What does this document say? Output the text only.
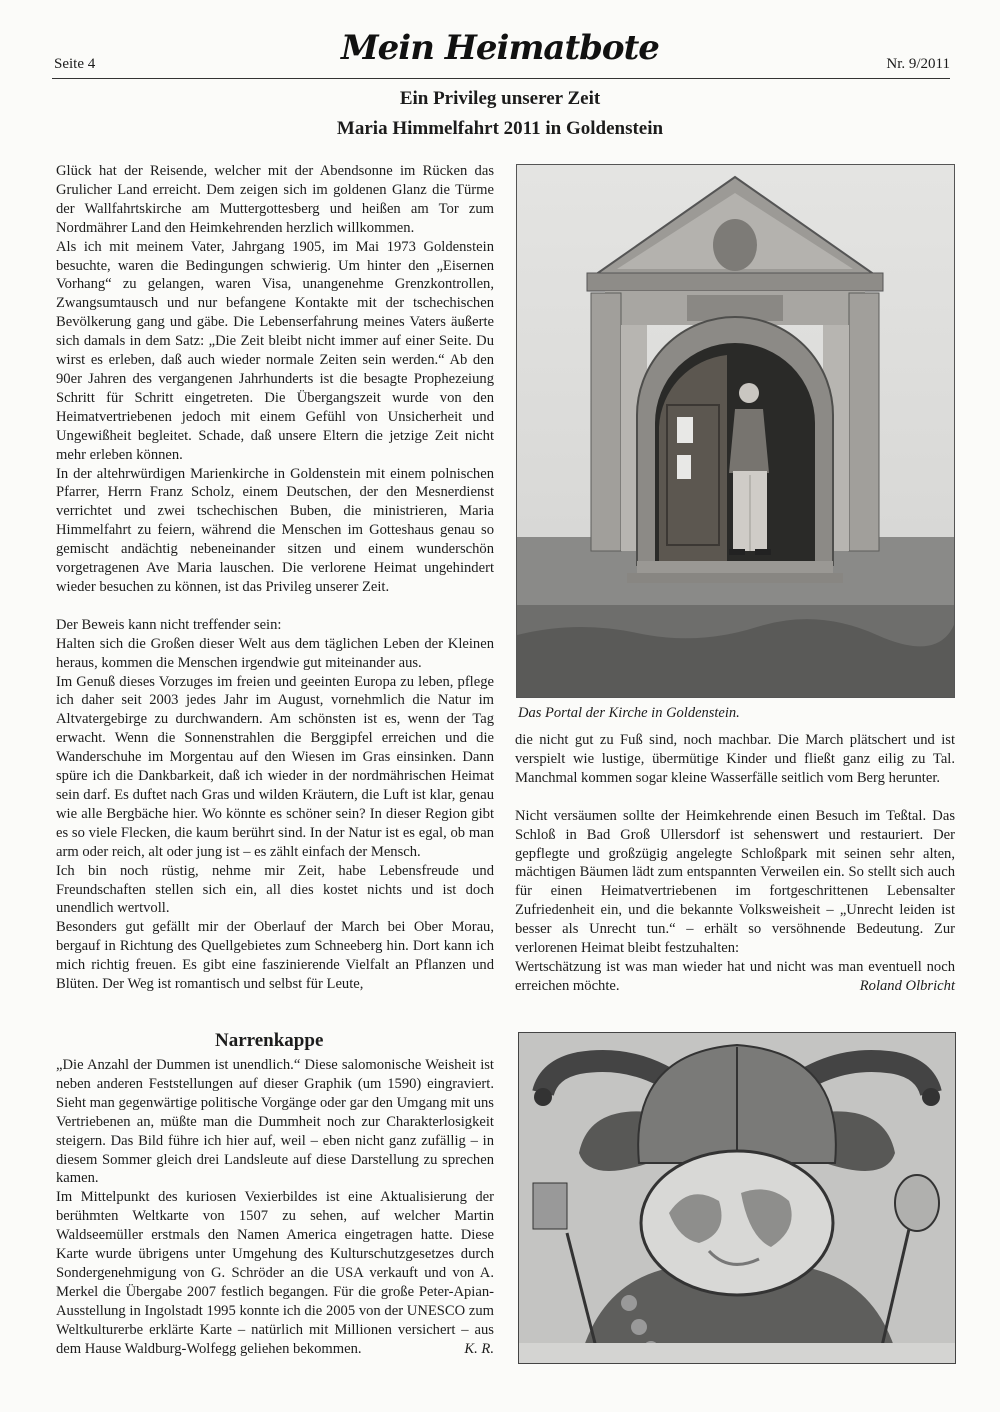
Seite 4	Mein Heimatbote	Nr. 9/2011
Ein Privileg unserer Zeit
Maria Himmelfahrt 2011 in Goldenstein

Glück hat der Reisende, welcher mit der Abendsonne im Rücken das Grulicher Land erreicht. Dem zeigen sich im goldenen Glanz die Türme der Wallfahrtskirche am Muttergottesberg und heißen am Tor zum Nordmährer Land den Heimkehrenden herzlich willkommen.

Als ich mit meinem Vater, Jahrgang 1905, im Mai 1973 Goldenstein besuchte, waren die Bedingungen schwierig. Um hinter den „Eisernen Vorhang“ zu gelangen, waren Visa, unangenehme Grenzkontrollen, Zwangsumtausch und nur befangene Kontakte mit der tschechischen Bevölkerung gang und gäbe. Die Lebenserfahrung meines Vaters äußerte sich damals in dem Satz: „Die Zeit bleibt nicht immer auf einer Seite. Du wirst es erleben, daß auch wieder normale Zeiten sein werden.“ Ab den 90er Jahren des vergangenen Jahrhunderts ist die besagte Prophezeiung Schritt für Schritt eingetreten. Die Übergangszeit wurde von den Heimatvertriebenen jedoch mit einem Gefühl von Unsicherheit und Ungewißheit begleitet. Schade, daß unsere Eltern die jetzige Zeit nicht mehr erleben können.

In der altehrwürdigen Marienkirche in Goldenstein mit einem polnischen Pfarrer, Herrn Franz Scholz, einem Deutschen, der den Mesnerdienst verrichtet und zwei tschechischen Buben, die ministrieren, Maria Himmelfahrt zu feiern, während die Menschen im Gotteshaus genau so gemischt andächtig nebeneinander sitzen und einem wunderschön vorgetragenen Ave Maria lauschen. Die verlorene Heimat ungehindert wieder besuchen zu können, ist das Privileg unserer Zeit.

Der Beweis kann nicht treffender sein:

Halten sich die Großen dieser Welt aus dem täglichen Leben der Kleinen heraus, kommen die Menschen irgendwie gut miteinander aus.

Im Genuß dieses Vorzuges im freien und geeinten Europa zu leben, pflege ich daher seit 2003 jedes Jahr im August, vornehmlich die Natur im Altvatergebirge zu durchwandern. Am schönsten ist es, wenn der Tag erwacht. Wenn die Sonnenstrahlen die Berggipfel erreichen und die Wanderschuhe im Morgentau auf den Wiesen im Gras einsinken. Dann spüre ich die Dankbarkeit, daß ich wieder in der nordmährischen Heimat sein darf. Es duftet nach Gras und wilden Kräutern, die Luft ist klar, genau wie alle Bergbäche hier. Wo könnte es schöner sein? In dieser Region gibt es so viele Flecken, die kaum berührt sind. In der Natur ist es egal, ob man arm oder reich, alt oder jung ist – es zählt einfach der Mensch.

Ich bin noch rüstig, nehme mir Zeit, habe Lebensfreude und Freundschaften stellen sich ein, all dies kostet nichts und ist doch unendlich wertvoll.

Besonders gut gefällt mir der Oberlauf der March bei Ober Morau, bergauf in Richtung des Quellgebietes zum Schneeberg hin. Dort kann ich mich richtig freuen. Es gibt eine faszinierende Vielfalt an Pflanzen und Blüten. Der Weg ist romantisch und selbst für Leute,

Das Portal der Kirche in Goldenstein.

die nicht gut zu Fuß sind, noch machbar. Die March plätschert und ist verspielt wie lustige, übermütige Kinder und fließt ganz eilig zu Tal. Manchmal kommen sogar kleine Wasserfälle seitlich vom Berg herunter.

Nicht versäumen sollte der Heimkehrende einen Besuch im Teßtal. Das Schloß in Bad Groß Ullersdorf ist sehenswert und restauriert. Der gepflegte und großzügig angelegte Schloßpark mit seinen sehr alten, mächtigen Bäumen lädt zum entspannten Verweilen ein. So stellt sich auch für einen Heimatvertriebenen im fortgeschrittenen Lebensalter Zufriedenheit ein, und die bekannte Volksweisheit – „Unrecht leiden ist besser als Unrecht tun.“ – erhält so versöhnende Bedeutung. Zur verlorenen Heimat bleibt festzuhalten:

Wertschätzung ist was man wieder hat und nicht was man eventuell noch erreichen möchte.	Roland Olbricht

Narrenkappe

„Die Anzahl der Dummen ist unendlich.“ Diese salomonische Weisheit ist neben anderen Feststellungen auf dieser Graphik (um 1590) eingraviert. Sieht man gegenwärtige politische Vorgänge oder gar den Umgang mit uns Vertriebenen an, müßte man die Dummheit noch zur Charakterlosigkeit steigern. Das Bild führe ich hier auf, weil – eben nicht ganz zufällig – in diesem Sommer gleich drei Landsleute auf diese Darstellung zu sprechen kamen.

Im Mittelpunkt des kuriosen Vexierbildes ist eine Aktualisierung der berühmten Weltkarte von 1507 zu sehen, auf welcher Martin Waldseemüller erstmals den Namen America eingetragen hatte. Diese Karte wurde übrigens unter Umgehung des Kulturschutzgesetzes durch Sondergenehmigung von G. Schröder an die USA verkauft und von A. Merkel die Übergabe 2007 festlich begangen. Für die große Peter-Apian-Ausstellung in Ingolstadt 1995 konnte ich die 2005 von der UNESCO zum Weltkulturerbe erklärte Karte – natürlich mit Millionen versichert – aus dem Hause Waldburg-Wolfegg geliehen bekommen.	K. R.
